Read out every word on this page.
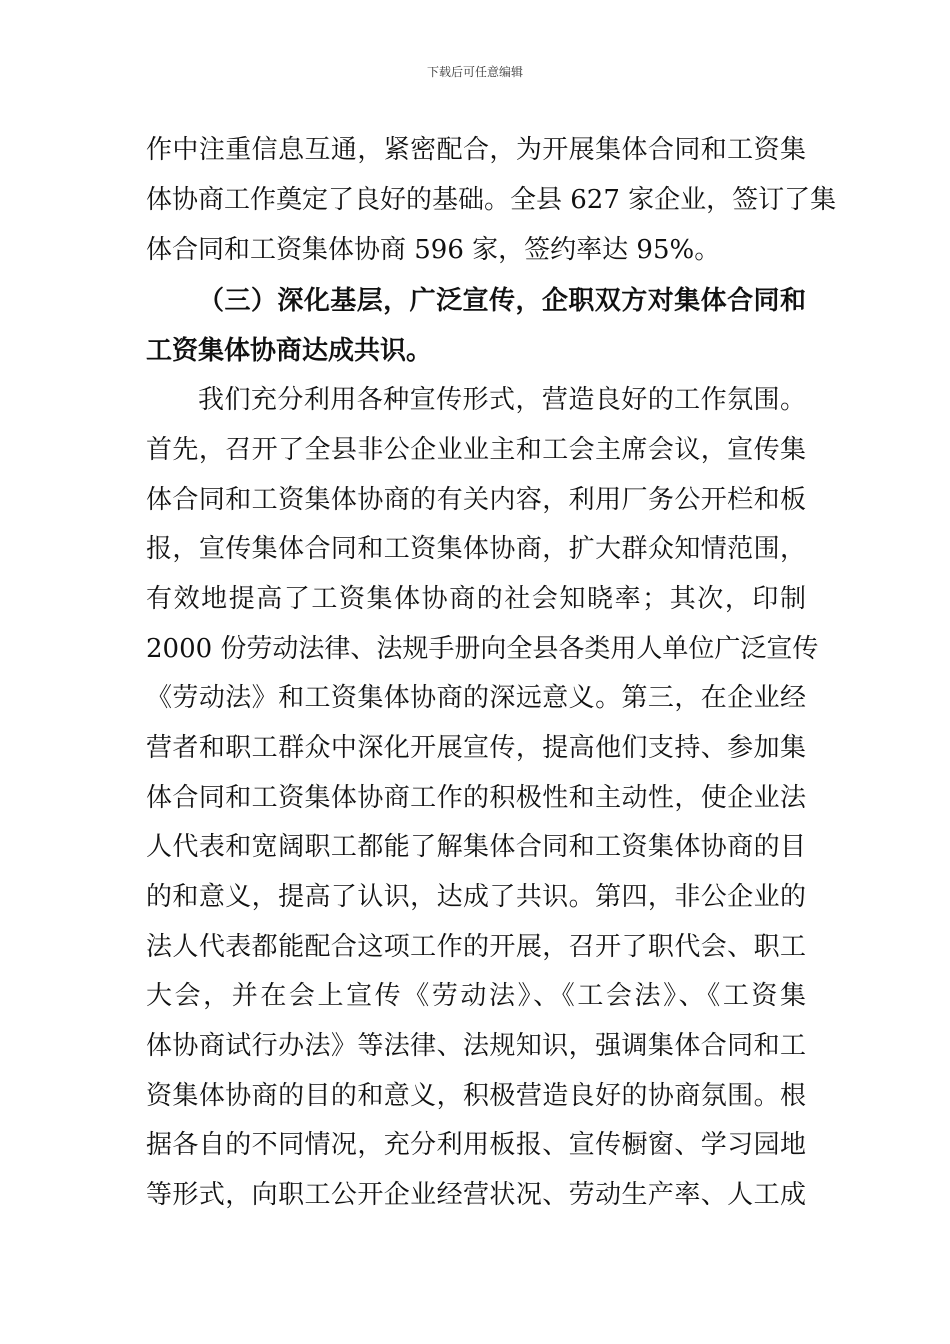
下载后可任意编辑
作中注重信息互通，紧密配合，为开展集体合同和工资集
体协商工作奠定了良好的基础。全县 627 家企业，签订了集
体合同和工资集体协商 596 家，签约率达 95%。
（三）深化基层，广泛宣传，企职双方对集体合同和
工资集体协商达成共识。
我们充分利用各种宣传形式，营造良好的工作氛围。
首先，召开了全县非公企业业主和工会主席会议，宣传集
体合同和工资集体协商的有关内容，利用厂务公开栏和板
报，宣传集体合同和工资集体协商，扩大群众知情范围，
有效地提高了工资集体协商的社会知晓率；其次，印制
2000 份劳动法律、法规手册向全县各类用人单位广泛宣传
《劳动法》和工资集体协商的深远意义。第三，在企业经
营者和职工群众中深化开展宣传，提高他们支持、参加集
体合同和工资集体协商工作的积极性和主动性，使企业法
人代表和宽阔职工都能了解集体合同和工资集体协商的目
的和意义，提高了认识，达成了共识。第四，非公企业的
法人代表都能配合这项工作的开展，召开了职代会、职工
大会，并在会上宣传《劳动法》、《工会法》、《工资集
体协商试行办法》等法律、法规知识，强调集体合同和工
资集体协商的目的和意义，积极营造良好的协商氛围。根
据各自的不同情况，充分利用板报、宣传橱窗、学习园地
等形式，向职工公开企业经营状况、劳动生产率、人工成
